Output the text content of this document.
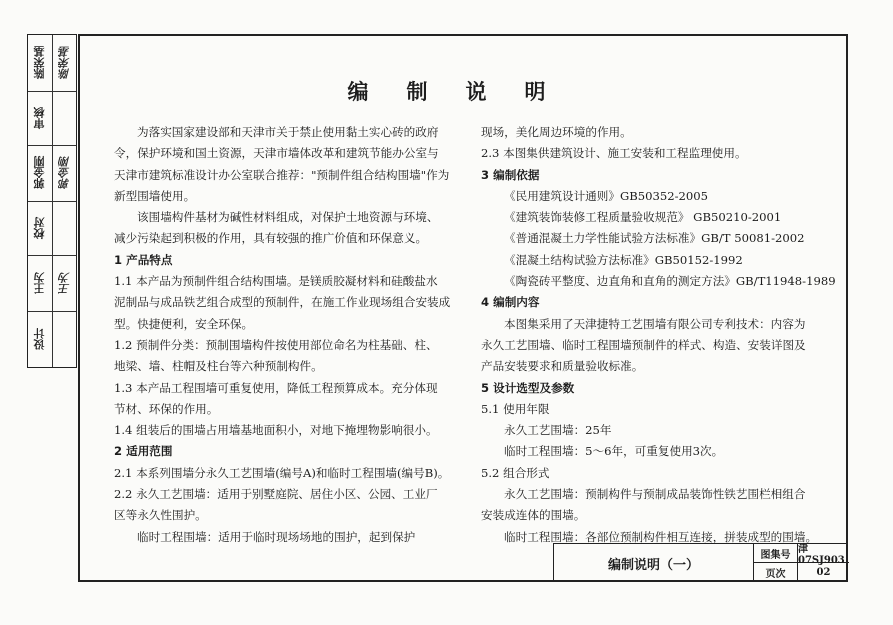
陈荣基	陈荣基
审核
郭金刚	郭金刚
校对
王为	王为
设计
编制说明

为落实国家建设部和天津市关于禁止使用黏土实心砖的政府

令，保护环境和国土资源，天津市墙体改革和建筑节能办公室与

天津市建筑标准设计办公室联合推荐："预制件组合结构围墙"作为

新型围墙使用。

该围墙构件基材为碱性材料组成，对保护土地资源与环境、

减少污染起到积极的作用，具有较强的推广价值和环保意义。

1 产品特点

1.1 本产品为预制件组合结构围墙。是镁质胶凝材料和硅酸盐水

泥制品与成品铁艺组合成型的预制件，在施工作业现场组合安装成

型。快捷便利，安全环保。

1.2 预制件分类：预制围墙构件按使用部位命名为柱基础、柱、

地梁、墙、柱帽及柱台等六种预制构件。

1.3 本产品工程围墙可重复使用，降低工程预算成本。充分体现

节材、环保的作用。

1.4 组装后的围墙占用墙基地面积小，对地下掩埋物影响很小。

2 适用范围

2.1 本系列围墙分永久工艺围墙(编号A)和临时工程围墙(编号B)。

2.2 永久工艺围墙：适用于别墅庭院、居住小区、公园、工业厂

区等永久性围护。

临时工程围墙：适用于临时现场场地的围护，起到保护

现场，美化周边环境的作用。

2.3 本图集供建筑设计、施工安装和工程监理使用。

3 编制依据

《民用建筑设计通则》GB50352-2005

《建筑装饰装修工程质量验收规范》 GB50210-2001

《普通混凝土力学性能试验方法标准》GB/T 50081-2002

《混凝土结构试验方法标准》GB50152-1992

《陶瓷砖平整度、边直角和直角的测定方法》GB/T11948-1989

4 编制内容

本图集采用了天津捷特工艺围墙有限公司专利技术：内容为

永久工艺围墙、临时工程围墙预制件的样式、构造、安装详图及

产品安装要求和质量验收标准。

5 设计选型及参数

5.1 使用年限

永久工艺围墙：25年

临时工程围墙：5～6年，可重复使用3次。

5.2 组合形式

永久工艺围墙：预制构件与预制成品装饰性铁艺围栏相组合

安装成连体的围墙。

临时工程围墙：各部位预制构件相互连接，拼装成型的围墙。

编制说明（一）
图集号 津07SJ903
页次	02
